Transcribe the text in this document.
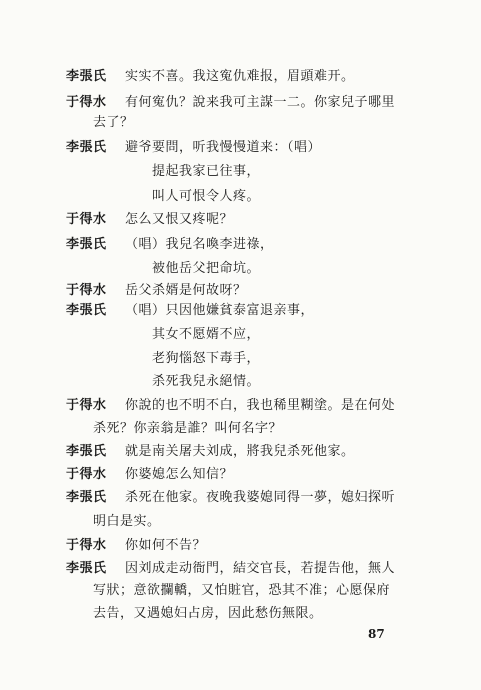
李張氏 实实不喜。我这寃仇难报，眉頭难开。
于得水 有何寃仇？說来我可主謀一二。你家兒子哪里
去了？
李張氏 避爷要問，听我慢慢道来：（唱）
提起我家已往事，
叫人可恨令人疼。
于得水 怎么又恨又疼呢？
李張氏 （唱）我兒名喚李进祿，
被他岳父把命坑。
于得水 岳父杀婿是何故呀？
李張氏 （唱）只因他嫌貧泰富退亲事，
其女不愿婿不应，
老狗惱怒下毒手，
杀死我兒永絕情。
于得水 你說的也不明不白，我也稀里糊塗。是在何处
杀死？你亲翁是誰？叫何名字？
李張氏 就是南关屠夫刘成，將我兒杀死他家。
于得水 你婆媳怎么知信？
李張氏 杀死在他家。夜晚我婆媳同得一夢，媳妇探听
明白是实。
于得水 你如何不告？
李張氏 因刘成走动衙門，結交官長，若提告他，無人
写狀；意欲攔轎，又怕賍官，恐其不准；心愿保府
去告，又遇媳妇占房，因此愁伤無限。
87
